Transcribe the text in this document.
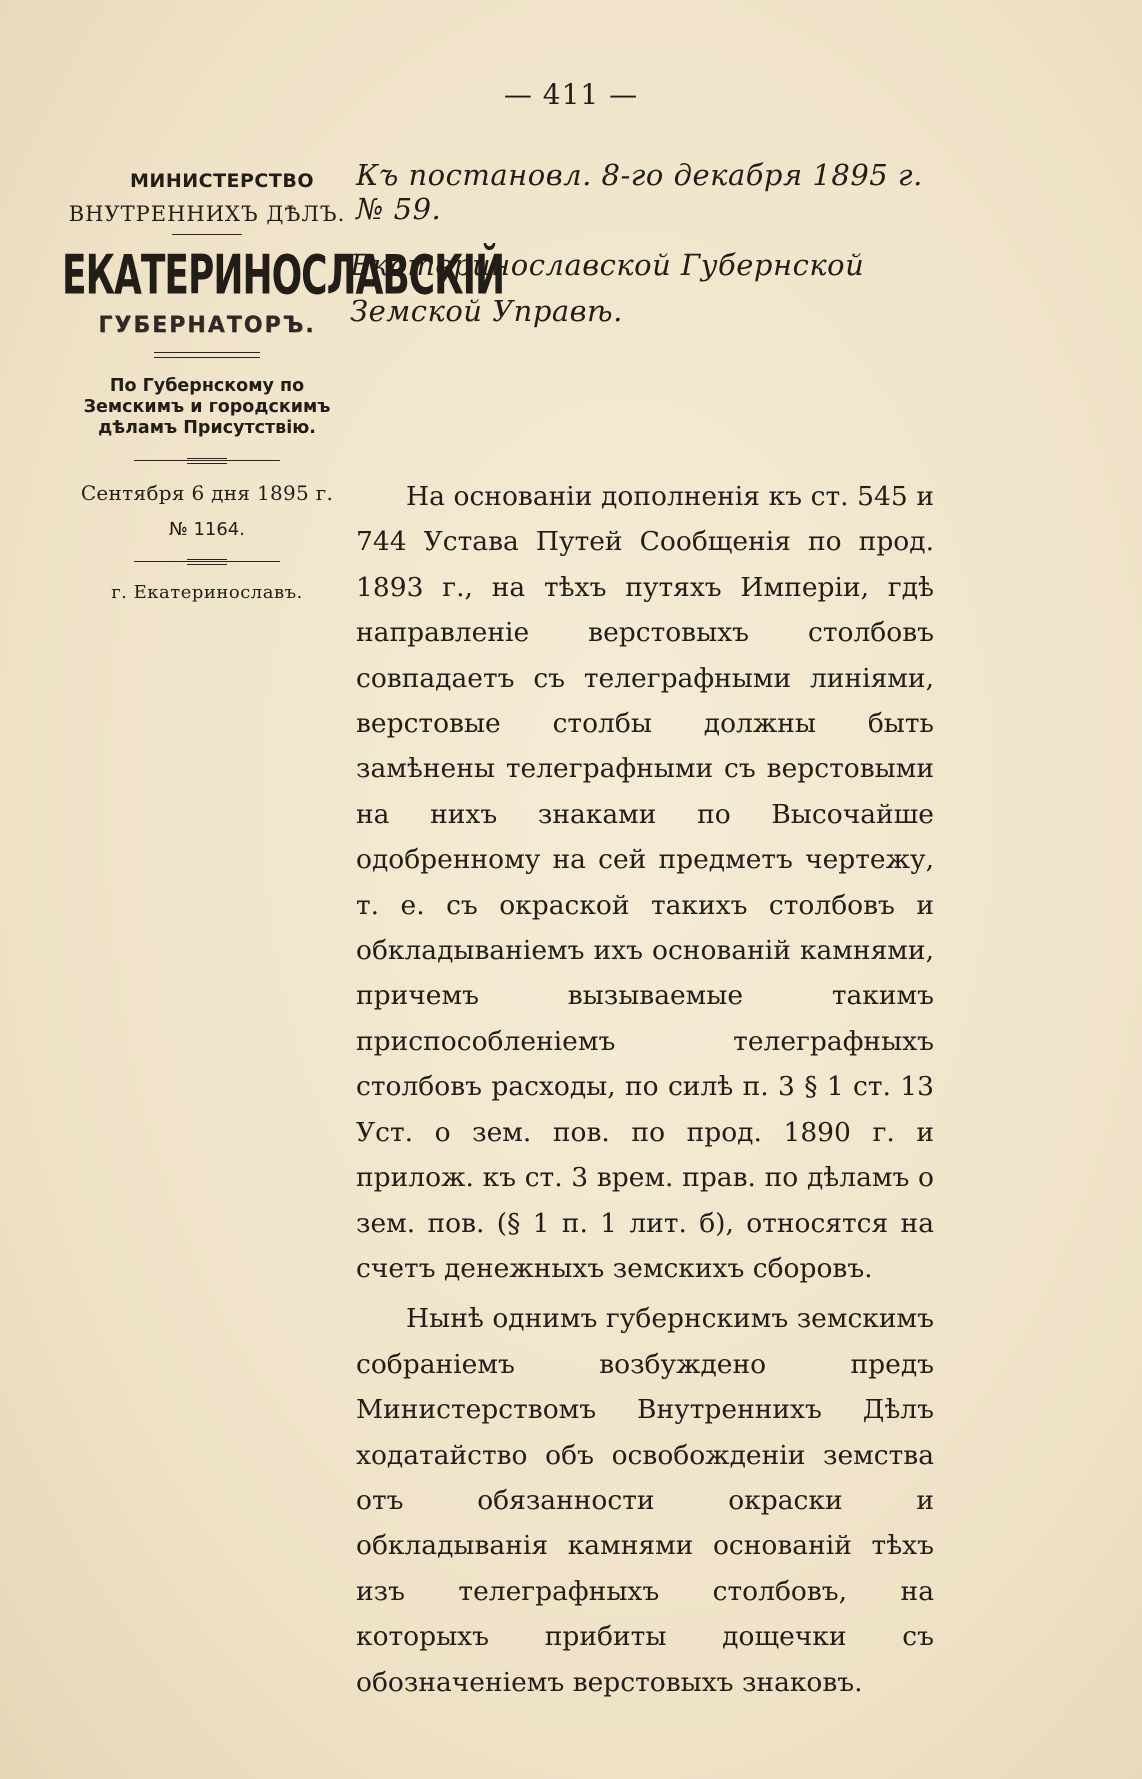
— 411 —
МИНИСТЕРСТВО
ВНУТРЕННИХЪ ДѢЛЪ.
ЕКАТЕРИНОСЛАВСКІЙ
ГУБЕРНАТОРЪ.
По Губернскому по Земскимъ и городскимъ дѣламъ Присутствію.
Сентября 6 дня 1895 г.
№ 1164.
г. Екатеринославъ.
Къ постановл. 8-го декабря 1895 г. № 59.
Екатеринославской Губернской Земской Управѣ.

На основаніи дополненія къ ст. 545 и 744 Устава Путей Сообщенія по прод. 1893 г., на тѣхъ путяхъ Имперіи, гдѣ направленіе верстовыхъ столбовъ совпадаетъ съ телеграфными линіями, верстовые столбы должны быть замѣнены телеграфными съ верстовыми на нихъ знаками по Высочайше одобренному на сей предметъ чертежу, т. е. съ окраской такихъ столбовъ и обкладываніемъ ихъ основаній камнями, причемъ вызываемые такимъ приспособленіемъ телеграфныхъ столбовъ расходы, по силѣ п. 3 § 1 ст. 13 Уст. о зем. пов. по прод. 1890 г. и прилож. къ ст. 3 врем. прав. по дѣламъ о зем. пов. (§ 1 п. 1 лит. б), относятся на счетъ денежныхъ земскихъ сборовъ.

Нынѣ однимъ губернскимъ земскимъ собраніемъ возбуждено предъ Министерствомъ Внутреннихъ Дѣлъ ходатайство объ освобожденіи земства отъ обязанности окраски и обкладыванія камнями основаній тѣхъ изъ телеграфныхъ столбовъ, на которыхъ прибиты дощечки съ обозначеніемъ верстовыхъ знаковъ.
